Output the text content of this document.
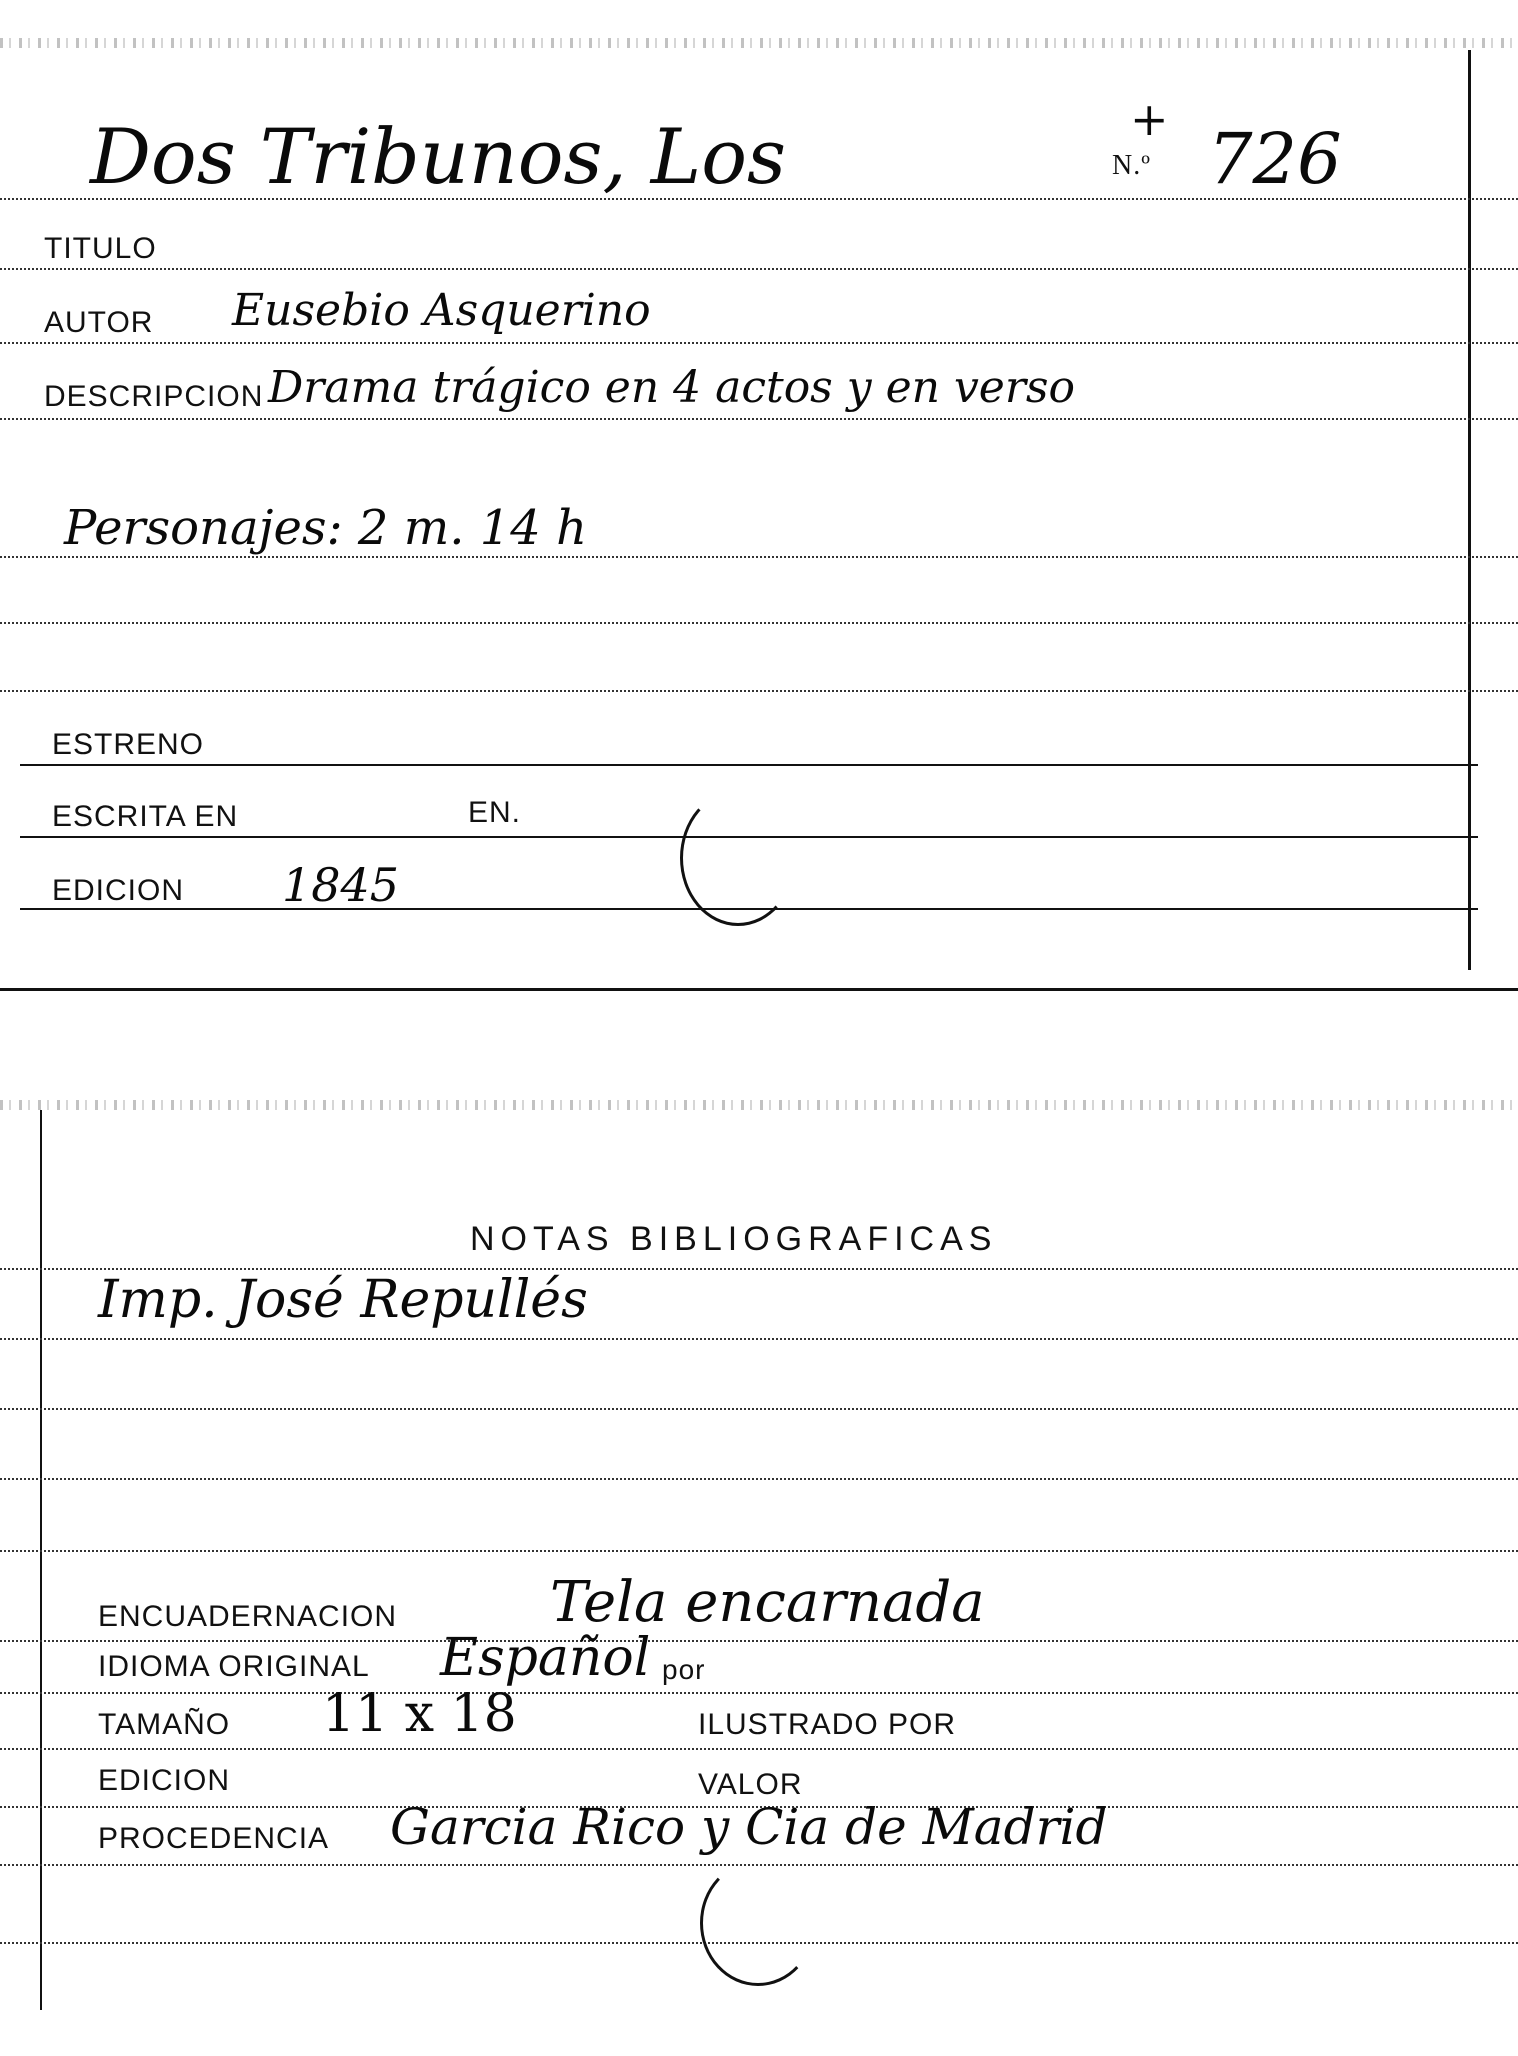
Dos Tribunos, Los	+
N.º 726
TITULO
AUTOR Eusebio Asquerino
DESCRIPCION Drama trágico en 4 actos y en verso
Personajes: 2 m. 14 h
ESTRENO
ESCRITA EN	EN.
EDICION 1845
NOTAS BIBLIOGRAFICAS
Imp. José Repullés
ENCUADERNACION	Tela encarnada
IDIOMA ORIGINAL Español por
TAMAÑO 11 x 18	ILUSTRADO POR
EDICION	VALOR
PROCEDENCIA Garcia Rico y Cia de Madrid
